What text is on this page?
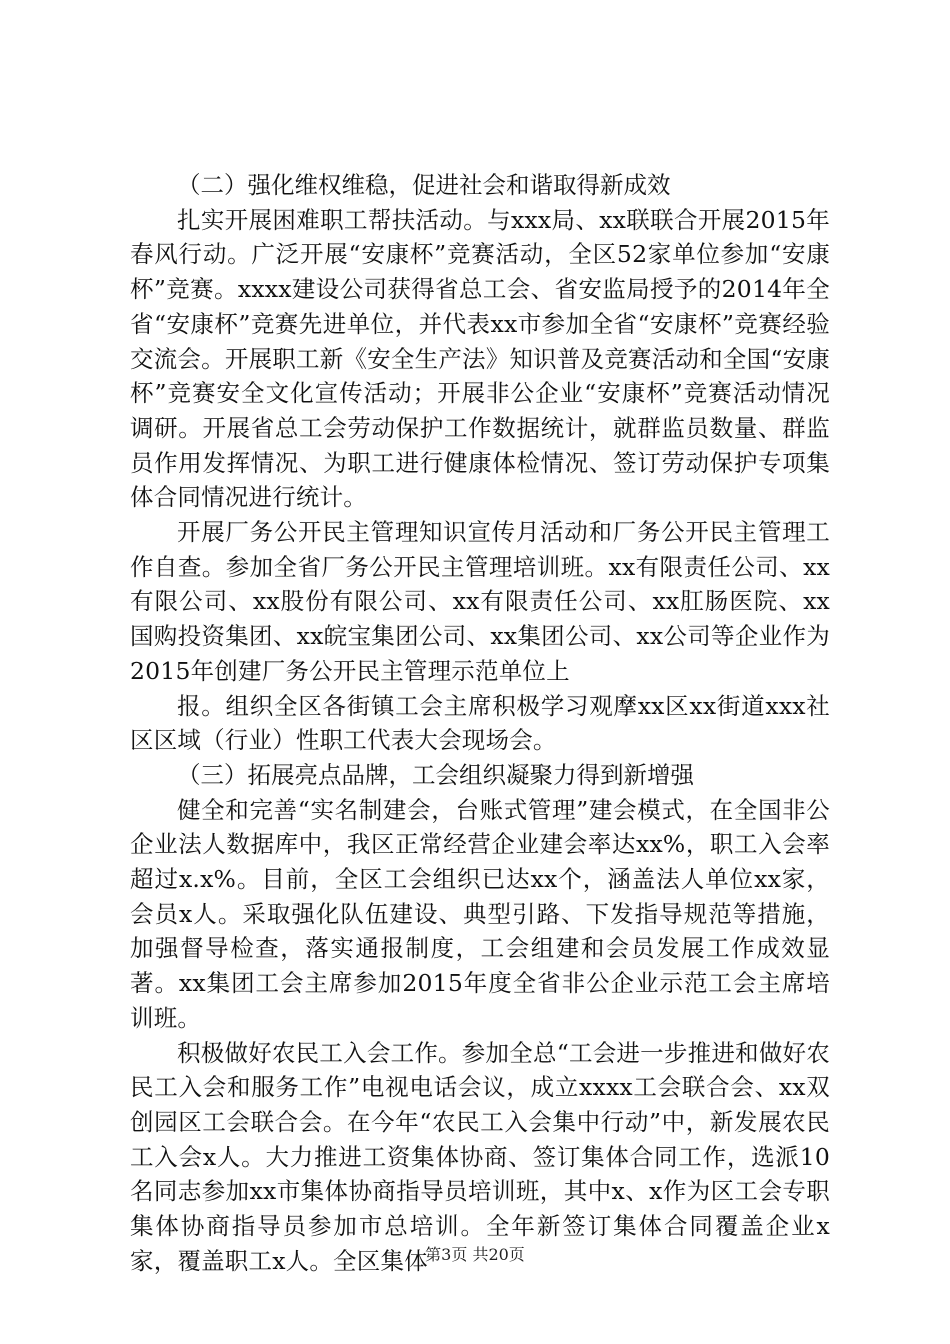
（二）强化维权维稳，促进社会和谐取得新成效

扎实开展困难职工帮扶活动。与xxx局、xx联联合开展2015年春风行动。广泛开展“安康杯”竞赛活动，全区52家单位参加“安康杯”竞赛。xxxx建设公司获得省总工会、省安监局授予的2014年全省“安康杯”竞赛先进单位，并代表xx市参加全省“安康杯”竞赛经验交流会。开展职工新《安全生产法》知识普及竞赛活动和全国“安康杯”竞赛安全文化宣传活动；开展非公企业“安康杯”竞赛活动情况调研。开展省总工会劳动保护工作数据统计，就群监员数量、群监员作用发挥情况、为职工进行健康体检情况、签订劳动保护专项集体合同情况进行统计。

开展厂务公开民主管理知识宣传月活动和厂务公开民主管理工作自查。参加全省厂务公开民主管理培训班。xx有限责任公司、xx有限公司、xx股份有限公司、xx有限责任公司、xx肛肠医院、xx国购投资集团、xx皖宝集团公司、xx集团公司、xx公司等企业作为2015年创建厂务公开民主管理示范单位上

报。组织全区各街镇工会主席积极学习观摩xx区xx街道xxx社区区域（行业）性职工代表大会现场会。

（三）拓展亮点品牌，工会组织凝聚力得到新增强

健全和完善“实名制建会，台账式管理”建会模式，在全国非公企业法人数据库中，我区正常经营企业建会率达xx%，职工入会率超过x.x%。目前，全区工会组织已达xx个，涵盖法人单位xx家，会员x人。采取强化队伍建设、典型引路、下发指导规范等措施，加强督导检查，落实通报制度，工会组建和会员发展工作成效显著。xx集团工会主席参加2015年度全省非公企业示范工会主席培训班。

积极做好农民工入会工作。参加全总“工会进一步推进和做好农民工入会和服务工作”电视电话会议，成立xxxx工会联合会、xx双创园区工会联合会。在今年“农民工入会集中行动”中，新发展农民工入会x人。大力推进工资集体协商、签订集体合同工作，选派10名同志参加xx市集体协商指导员培训班，其中x、x作为区工会专职集体协商指导员参加市总培训。全年新签订集体合同覆盖企业x家，覆盖职工x人。全区集体

第3页 共20页
